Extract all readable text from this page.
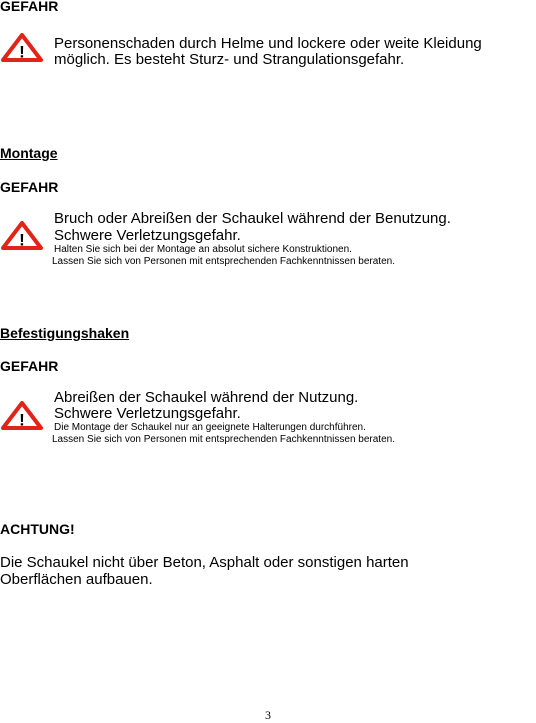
GEFAHR
! Personenschaden durch Helme und lockere oder weite Kleidung
möglich. Es besteht Sturz- und Strangulationsgefahr.
Montage
GEFAHR
!
Bruch oder Abreißen der Schaukel während der Benutzung.
Schwere Verletzungsgefahr.
Halten Sie sich bei der Montage an absolut sichere Konstruktionen.
Lassen Sie sich von Personen mit entsprechenden Fachkenntnissen beraten.
Befestigungshaken
GEFAHR
!
Abreißen der Schaukel während der Nutzung.
Schwere Verletzungsgefahr.
Die Montage der Schaukel nur an geeignete Halterungen durchführen.
Lassen Sie sich von Personen mit entsprechenden Fachkenntnissen beraten.
ACHTUNG!
Die Schaukel nicht über Beton, Asphalt oder sonstigen harten
Oberflächen aufbauen.
3
